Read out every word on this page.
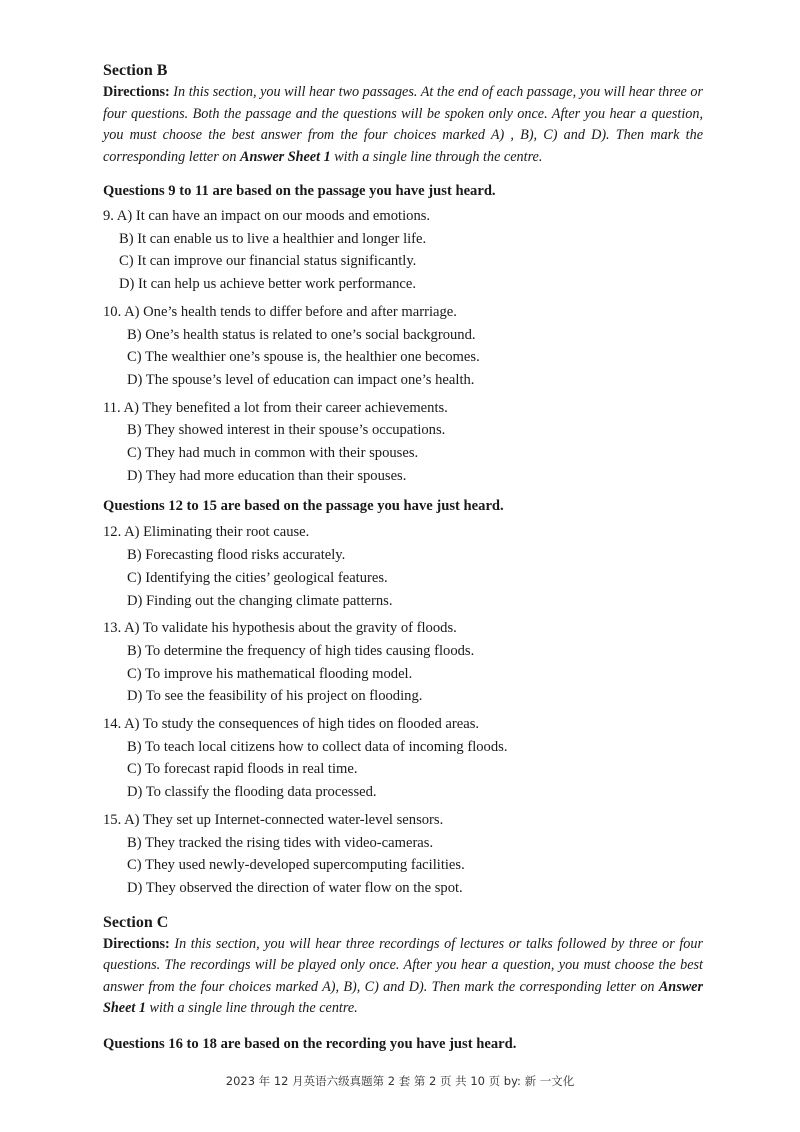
Section B

Directions: In this section, you will hear two passages. At the end of each passage, you will hear three or four questions. Both the passage and the questions will be spoken only once. After you hear a question, you must choose the best answer from the four choices marked A) , B), C) and D). Then mark the corresponding letter on Answer Sheet 1 with a single line through the centre.

Questions 9 to 11 are based on the passage you have just heard.
9. A) It can have an impact on our moods and emotions.
B) It can enable us to live a healthier and longer life.
C) It can improve our financial status significantly.
D) It can help us achieve better work performance.
10. A) One’s health tends to differ before and after marriage.
B) One’s health status is related to one’s social background.
C) The wealthier one’s spouse is, the healthier one becomes.
D) The spouse’s level of education can impact one’s health.
11. A) They benefited a lot from their career achievements.
B) They showed interest in their spouse’s occupations.
C) They had much in common with their spouses.
D) They had more education than their spouses.
Questions 12 to 15 are based on the passage you have just heard.
12. A) Eliminating their root cause.
B) Forecasting flood risks accurately.
C) Identifying the cities’ geological features.
D) Finding out the changing climate patterns.
13. A) To validate his hypothesis about the gravity of floods.
B) To determine the frequency of high tides causing floods.
C) To improve his mathematical flooding model.
D) To see the feasibility of his project on flooding.
14. A) To study the consequences of high tides on flooded areas.
B) To teach local citizens how to collect data of incoming floods.
C) To forecast rapid floods in real time.
D) To classify the flooding data processed.
15. A) They set up Internet-connected water-level sensors.
B) They tracked the rising tides with video-cameras.
C) They used newly-developed supercomputing facilities.
D) They observed the direction of water flow on the spot.

Section C

Directions: In this section, you will hear three recordings of lectures or talks followed by three or four questions. The recordings will be played only once. After you hear a question, you must choose the best answer from the four choices marked A), B), C) and D). Then mark the corresponding letter on Answer Sheet 1 with a single line through the centre.

Questions 16 to 18 are based on the recording you have just heard.
2023 年 12 月英语六级真题第 2 套 第 2 页 共 10 页 by: 新 一文化
